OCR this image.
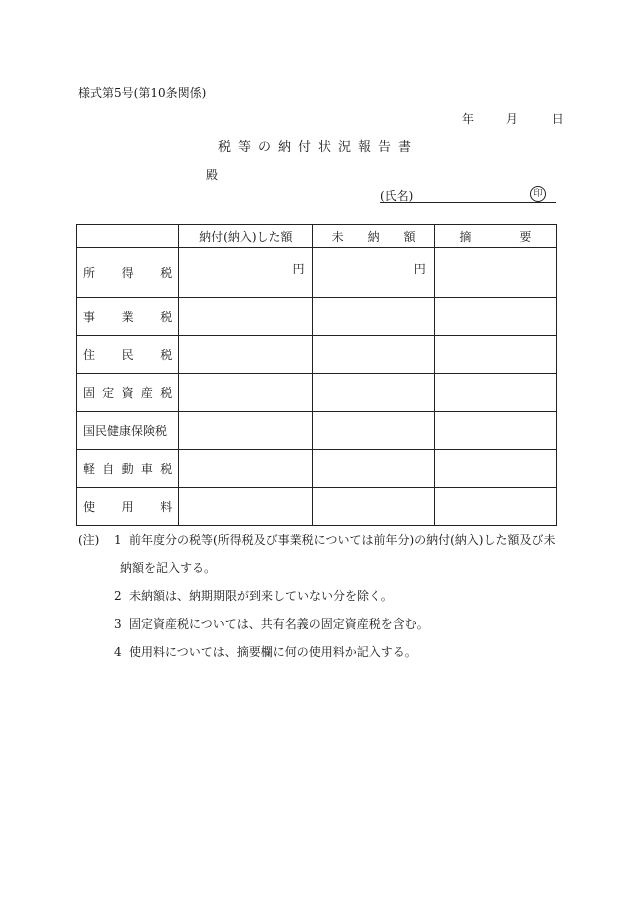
様式第5号(第10条関係)
年	月	日
税等の納付状況報告書
殿
(氏名)	印
	納付(納入)した額	未　　納　　額	摘　　　　要

所 得 税	円	円	

事 業 税			

住 民 税			

固 定 資 産 税			

国民健康保険税			

軽 自 動 車 税			

使 用 料			

(注) 1 前年度分の税等(所得税及び事業税については前年分)の納付(納入)した額及び未
納額を記入する。
2 未納額は、納期期限が到来していない分を除く。
3 固定資産税については、共有名義の固定資産税を含む。
4 使用料については、摘要欄に何の使用料か記入する。
